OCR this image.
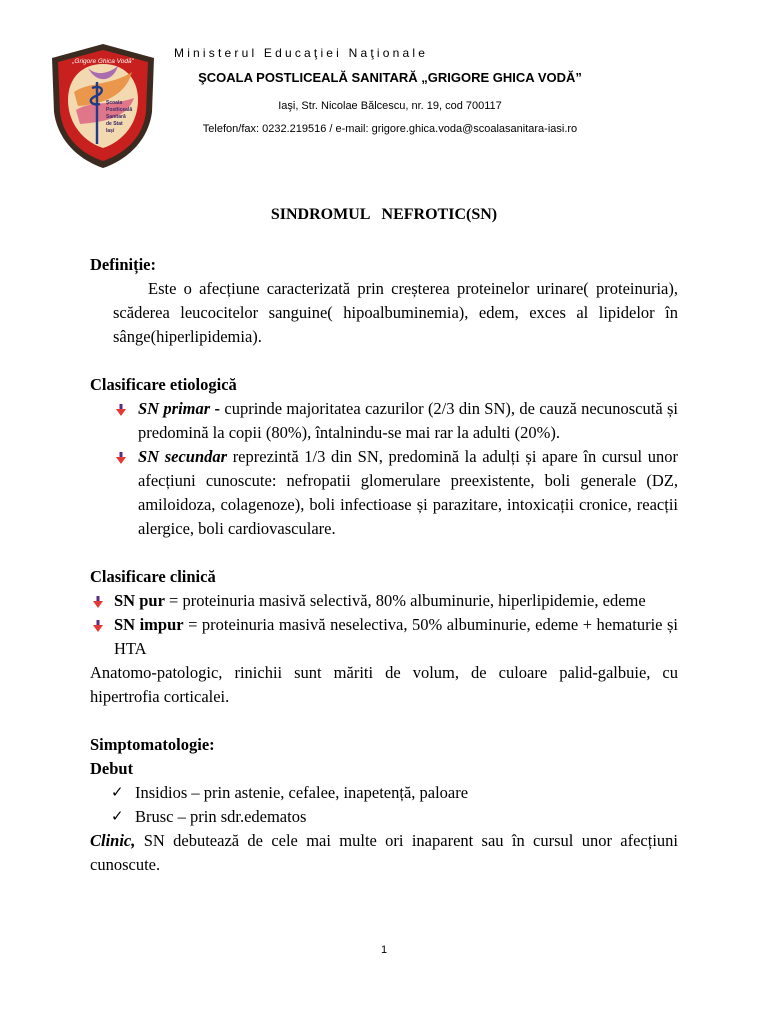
„Grigore Ghica Vodă”
Școala Postliceală Sanitară de Stat Iași
Ministerul Educaţiei Naţionale
ŞCOALA POSTLICEALĂ SANITARĂ „GRIGORE GHICA VODĂ”
Iaşi, Str. Nicolae Bălcescu, nr. 19, cod 700117
Telefon/fax: 0232.219516 / e-mail: grigore.ghica.voda@scoalasanitara-iasi.ro
SINDROMUL   NEFROTIC(SN)

Definiție:

Este o afecțiune caracterizată prin creșterea proteinelor urinare( proteinuria), scăderea leucocitelor sanguine( hipoalbuminemia), edem, exces al lipidelor în sânge(hiperlipidemia).

Clasificare etiologică

SN primar - cuprinde majoritatea cazurilor (2/3 din SN), de cauză necunoscută și predomină la copii (80%), întalnindu-se mai rar la adulti (20%).
SN secundar reprezintă 1/3 din SN, predomină la adulți și apare în cursul unor afecțiuni cunoscute: nefropatii glomerulare preexistente, boli generale (DZ, amiloidoza, colagenoze), boli infectioase și parazitare, intoxicații cronice, reacții alergice, boli cardiovasculare.

Clasificare clinică

SN pur = proteinuria masivă selectivă, 80% albuminurie, hiperlipidemie, edeme
SN impur = proteinuria masivă neselectiva, 50% albuminurie, edeme + hematurie și HTA

Anatomo-patologic, rinichii sunt măriti de volum, de culoare palid-galbuie, cu hipertrofia corticalei.

Simptomatologie:

Debut

✓ Insidios – prin astenie, cefalee, inapetență, paloare
✓ Brusc – prin sdr.edematos

Clinic, SN debutează de cele mai multe ori inaparent sau în cursul unor afecțiuni cunoscute.

1
